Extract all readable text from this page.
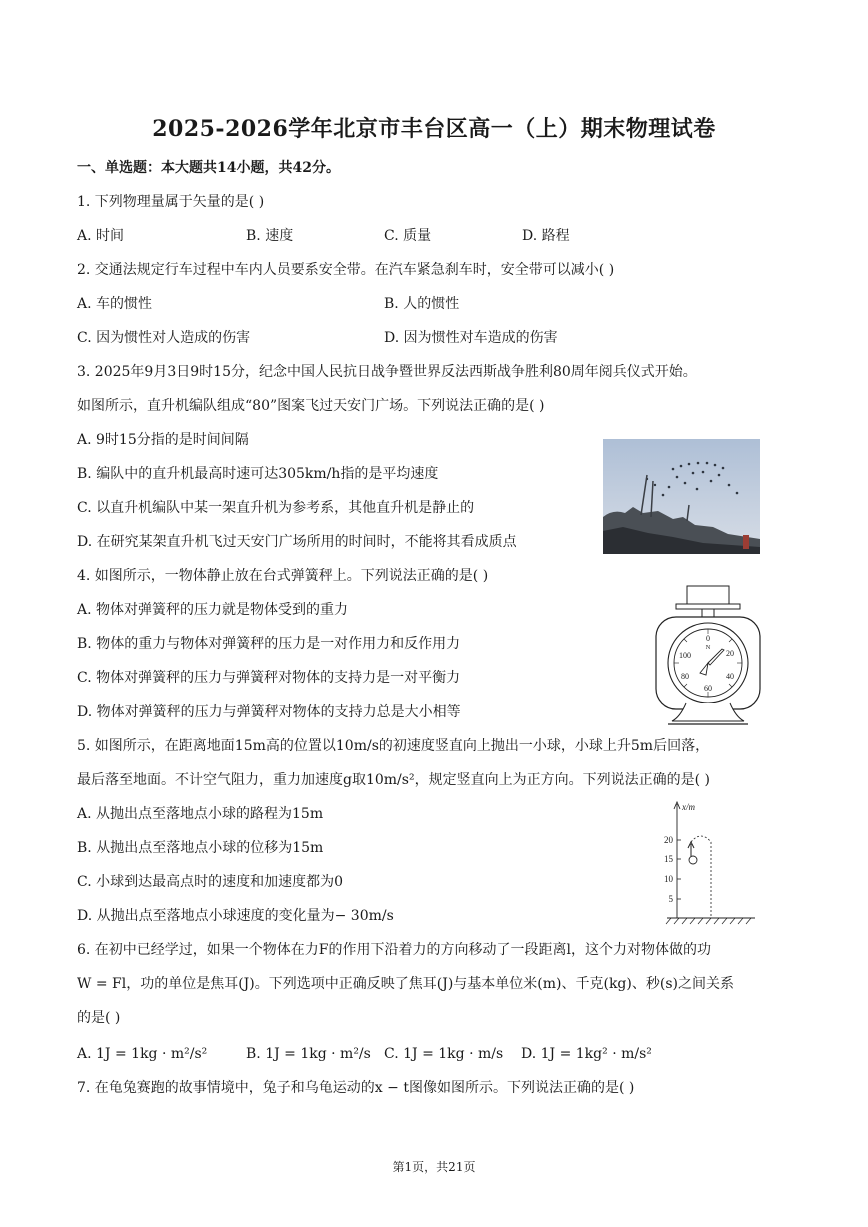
2025-2026学年北京市丰台区高一（上）期末物理试卷
一、单选题：本大题共14小题，共42分。
1. 下列物理量属于矢量的是( )
A. 时间	B. 速度	C. 质量	D. 路程
2. 交通法规定行车过程中车内人员要系安全带。在汽车紧急刹车时，安全带可以减小( )
A. 车的惯性	B. 人的惯性
C. 因为惯性对人造成的伤害	D. 因为惯性对车造成的伤害
3. 2025年9月3日9时15分，纪念中国人民抗日战争暨世界反法西斯战争胜利80周年阅兵仪式开始。
如图所示，直升机编队组成“80”图案飞过天安门广场。下列说法正确的是( )
A. 9时15分指的是时间间隔
B. 编队中的直升机最高时速可达305km/h指的是平均速度
C. 以直升机编队中某一架直升机为参考系，其他直升机是静止的
D. 在研究某架直升机飞过天安门广场所用的时间时，不能将其看成质点
4. 如图所示，一物体静止放在台式弹簧秤上。下列说法正确的是( )
A. 物体对弹簧秤的压力就是物体受到的重力
B. 物体的重力与物体对弹簧秤的压力是一对作用力和反作用力
C. 物体对弹簧秤的压力与弹簧秤对物体的支持力是一对平衡力
D. 物体对弹簧秤的压力与弹簧秤对物体的支持力总是大小相等
0
N
20
40
60
80
100
5. 如图所示，在距离地面15m高的位置以10m/s的初速度竖直向上抛出一小球，小球上升5m后回落，
最后落至地面。不计空气阻力，重力加速度g取10m/s²，规定竖直向上为正方向。下列说法正确的是( )
A. 从抛出点至落地点小球的路程为15m
B. 从抛出点至落地点小球的位移为15m
C. 小球到达最高点时的速度和加速度都为0
D. 从抛出点至落地点小球速度的变化量为− 30m/s
x/m
20
15
10
5
6. 在初中已经学过，如果一个物体在力F的作用下沿着力的方向移动了一段距离l，这个力对物体做的功
W = Fl，功的单位是焦耳(J)。下列选项中正确反映了焦耳(J)与基本单位米(m)、千克(kg)、秒(s)之间关系
的是( )
A. 1J = 1kg · m²/s²	B. 1J = 1kg · m²/s C. 1J = 1kg · m/s D. 1J = 1kg² · m/s²
7. 在龟兔赛跑的故事情境中，兔子和乌龟运动的x − t图像如图所示。下列说法正确的是( )
第1页，共21页
